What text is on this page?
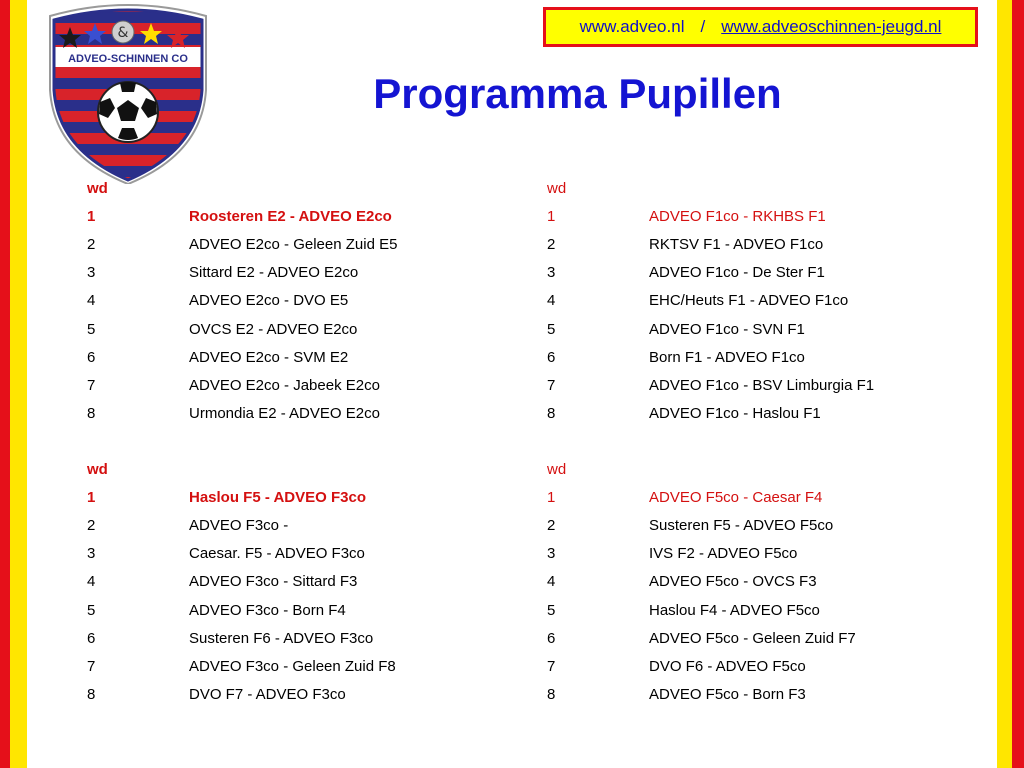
&
ADVEO-SCHINNEN CO
www.adveo.nl / www.adveoschinnen-jeugd.nl
Programma Pupillen
wd
1	Roosteren E2 - ADVEO E2co
2	ADVEO E2co - Geleen Zuid E5
3	Sittard E2 - ADVEO E2co
4	ADVEO E2co - DVO E5
5	OVCS E2 - ADVEO E2co
6	ADVEO E2co - SVM E2
7	ADVEO E2co - Jabeek E2co
8	Urmondia E2 - ADVEO E2co
wd
1	ADVEO F1co - RKHBS F1
2	RKTSV F1 - ADVEO F1co
3	ADVEO F1co - De Ster F1
4	EHC/Heuts F1 - ADVEO F1co
5	ADVEO F1co - SVN F1
6	Born F1 - ADVEO F1co
7	ADVEO F1co - BSV Limburgia F1
8	ADVEO F1co - Haslou F1
wd
1	Haslou F5 - ADVEO F3co
2	ADVEO F3co -
3	Caesar. F5 - ADVEO F3co
4	ADVEO F3co - Sittard F3
5	ADVEO F3co - Born F4
6	Susteren F6 - ADVEO F3co
7	ADVEO F3co - Geleen Zuid F8
8	DVO F7 - ADVEO F3co
wd
1	ADVEO F5co - Caesar F4
2	Susteren F5 - ADVEO F5co
3	IVS F2 - ADVEO F5co
4	ADVEO F5co - OVCS F3
5	Haslou F4 - ADVEO F5co
6	ADVEO F5co - Geleen Zuid F7
7	DVO F6 - ADVEO F5co
8	ADVEO F5co - Born F3
